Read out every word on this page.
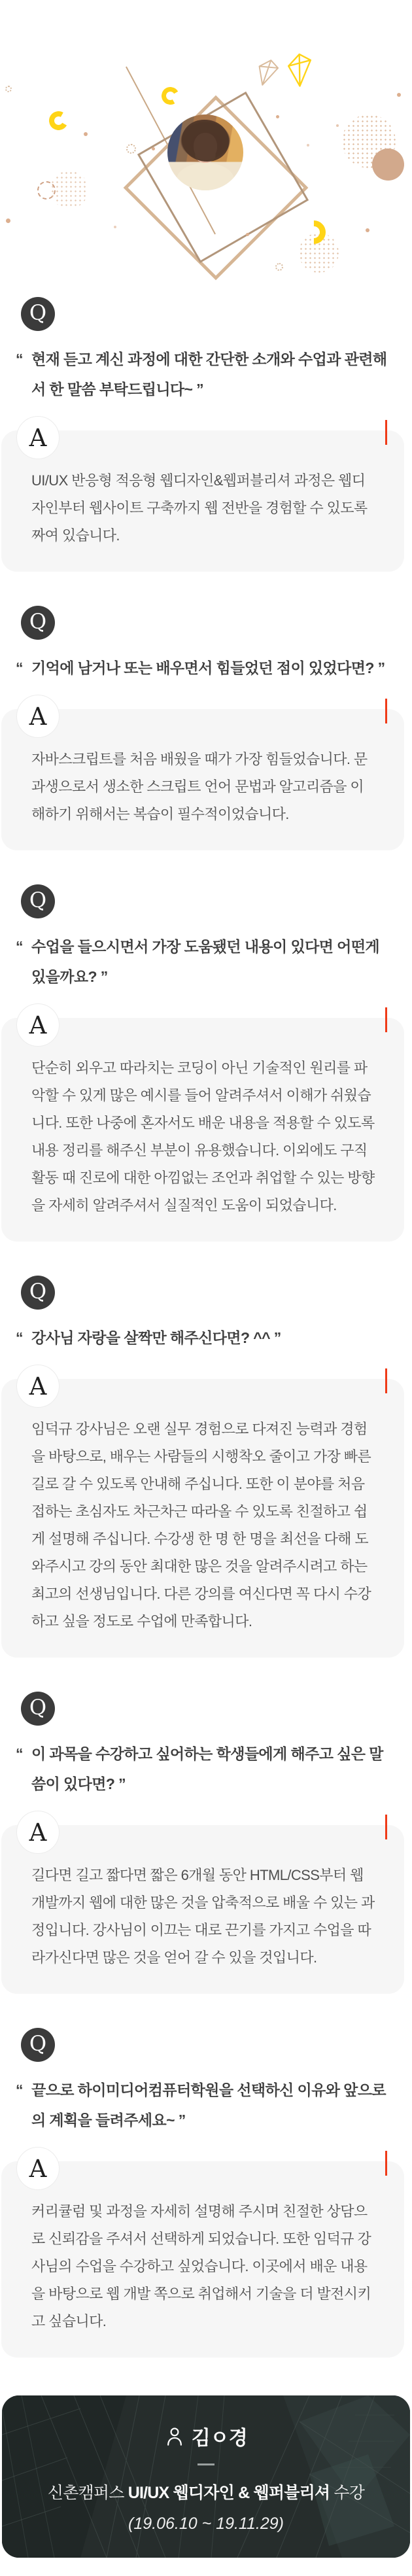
Q

“ 현재 듣고 계신 과정에 대한 간단한 소개와 수업과 관련해서 한 말씀 부탁드립니다~ ”

A
UI/UX 반응형 적응형 웹디자인&웹퍼블리셔 과정은 웹디자인부터 웹사이트 구축까지 웹 전반을 경험할 수 있도록 짜여 있습니다.
Q

“ 기억에 남거나 또는 배우면서 힘들었던 점이 있었다면? ”

A
자바스크립트를 처음 배웠을 때가 가장 힘들었습니다. 문과생으로서 생소한 스크립트 언어 문법과 알고리즘을 이해하기 위해서는 복습이 필수적이었습니다.
Q

“ 수업을 들으시면서 가장 도움됐던 내용이 있다면 어떤게 있을까요? ”

A
단순히 외우고 따라치는 코딩이 아닌 기술적인 원리를 파악할 수 있게 많은 예시를 들어 알려주셔서 이해가 쉬웠습니다. 또한 나중에 혼자서도 배운 내용을 적용할 수 있도록 내용 정리를 해주신 부분이 유용했습니다. 이외에도 구직활동 때 진로에 대한 아낌없는 조언과 취업할 수 있는 방향을 자세히 알려주셔서 실질적인 도움이 되었습니다.
Q

“ 강사님 자랑을 살짝만 해주신다면? ^^ ”

A
임덕규 강사님은 오랜 실무 경험으로 다져진 능력과 경험을 바탕으로, 배우는 사람들의 시행착오 줄이고 가장 빠른 길로 갈 수 있도록 안내해 주십니다. 또한 이 분야를 처음 접하는 초심자도 차근차근 따라올 수 있도록 친절하고 쉽게 설명해 주십니다. 수강생 한 명 한 명을 최선을 다해 도와주시고 강의 동안 최대한 많은 것을 알려주시려고 하는 최고의 선생님입니다. 다른 강의를 여신다면 꼭 다시 수강하고 싶을 정도로 수업에 만족합니다.
Q

“ 이 과목을 수강하고 싶어하는 학생들에게 해주고 싶은 말씀이 있다면? ”

A
길다면 길고 짧다면 짧은 6개월 동안 HTML/CSS부터 웹 개발까지 웹에 대한 많은 것을 압축적으로 배울 수 있는 과정입니다. 강사님이 이끄는 대로 끈기를 가지고 수업을 따라가신다면 많은 것을 얻어 갈 수 있을 것입니다.
Q

“ 끝으로 하이미디어컴퓨터학원을 선택하신 이유와 앞으로의 계획을 들려주세요~ ”

A
커리큘럼 및 과정을 자세히 설명해 주시며 친절한 상담으로 신뢰감을 주셔서 선택하게 되었습니다. 또한 임덕규 강사님의 수업을 수강하고 싶었습니다. 이곳에서 배운 내용을 바탕으로 웹 개발 쪽으로 취업해서 기술을 더 발전시키고 싶습니다.
김ㅇ경
신촌캠퍼스 UI/UX 웹디자인 & 웹퍼블리셔 수강
(19.06.10 ~ 19.11.29)
